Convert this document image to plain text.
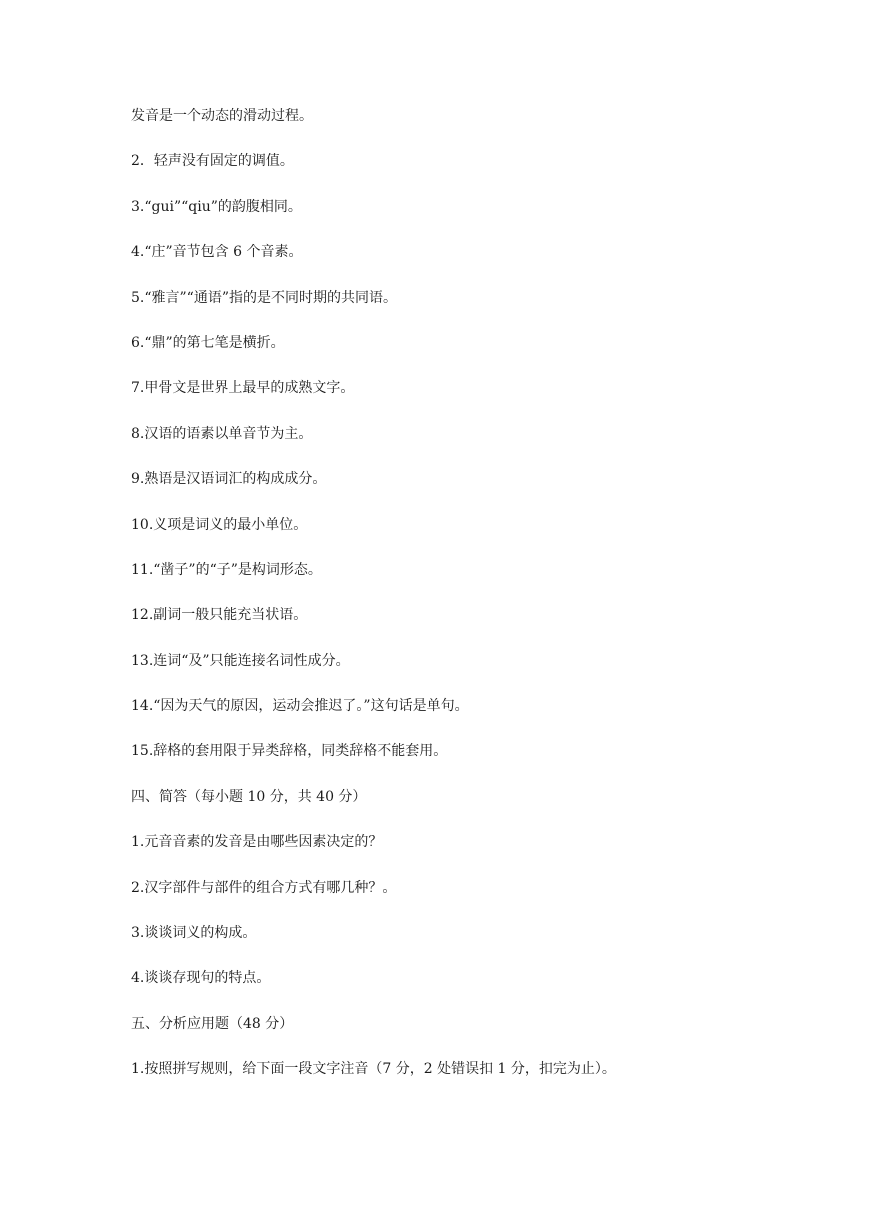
发音是一个动态的滑动过程。
2．轻声没有固定的调值。
3.“gui”“qiu”的韵腹相同。
4.“庄”音节包含 6 个音素。
5.“雅言”“通语”指的是不同时期的共同语。
6.“鼎”的第七笔是横折。
7.甲骨文是世界上最早的成熟文字。
8.汉语的语素以单音节为主。
9.熟语是汉语词汇的构成成分。
10.义项是词义的最小单位。
11.“凿子”的“子”是构词形态。
12.副词一般只能充当状语。
13.连词“及”只能连接名词性成分。
14.“因为天气的原因，运动会推迟了。”这句话是单句。
15.辞格的套用限于异类辞格，同类辞格不能套用。
四、简答（每小题 10 分，共 40 分）
1.元音音素的发音是由哪些因素决定的？
2.汉字部件与部件的组合方式有哪几种？。
3.谈谈词义的构成。
4.谈谈存现句的特点。
五、分析应用题（48 分）
1.按照拼写规则，给下面一段文字注音（7 分，2 处错误扣 1 分，扣完为止）。
